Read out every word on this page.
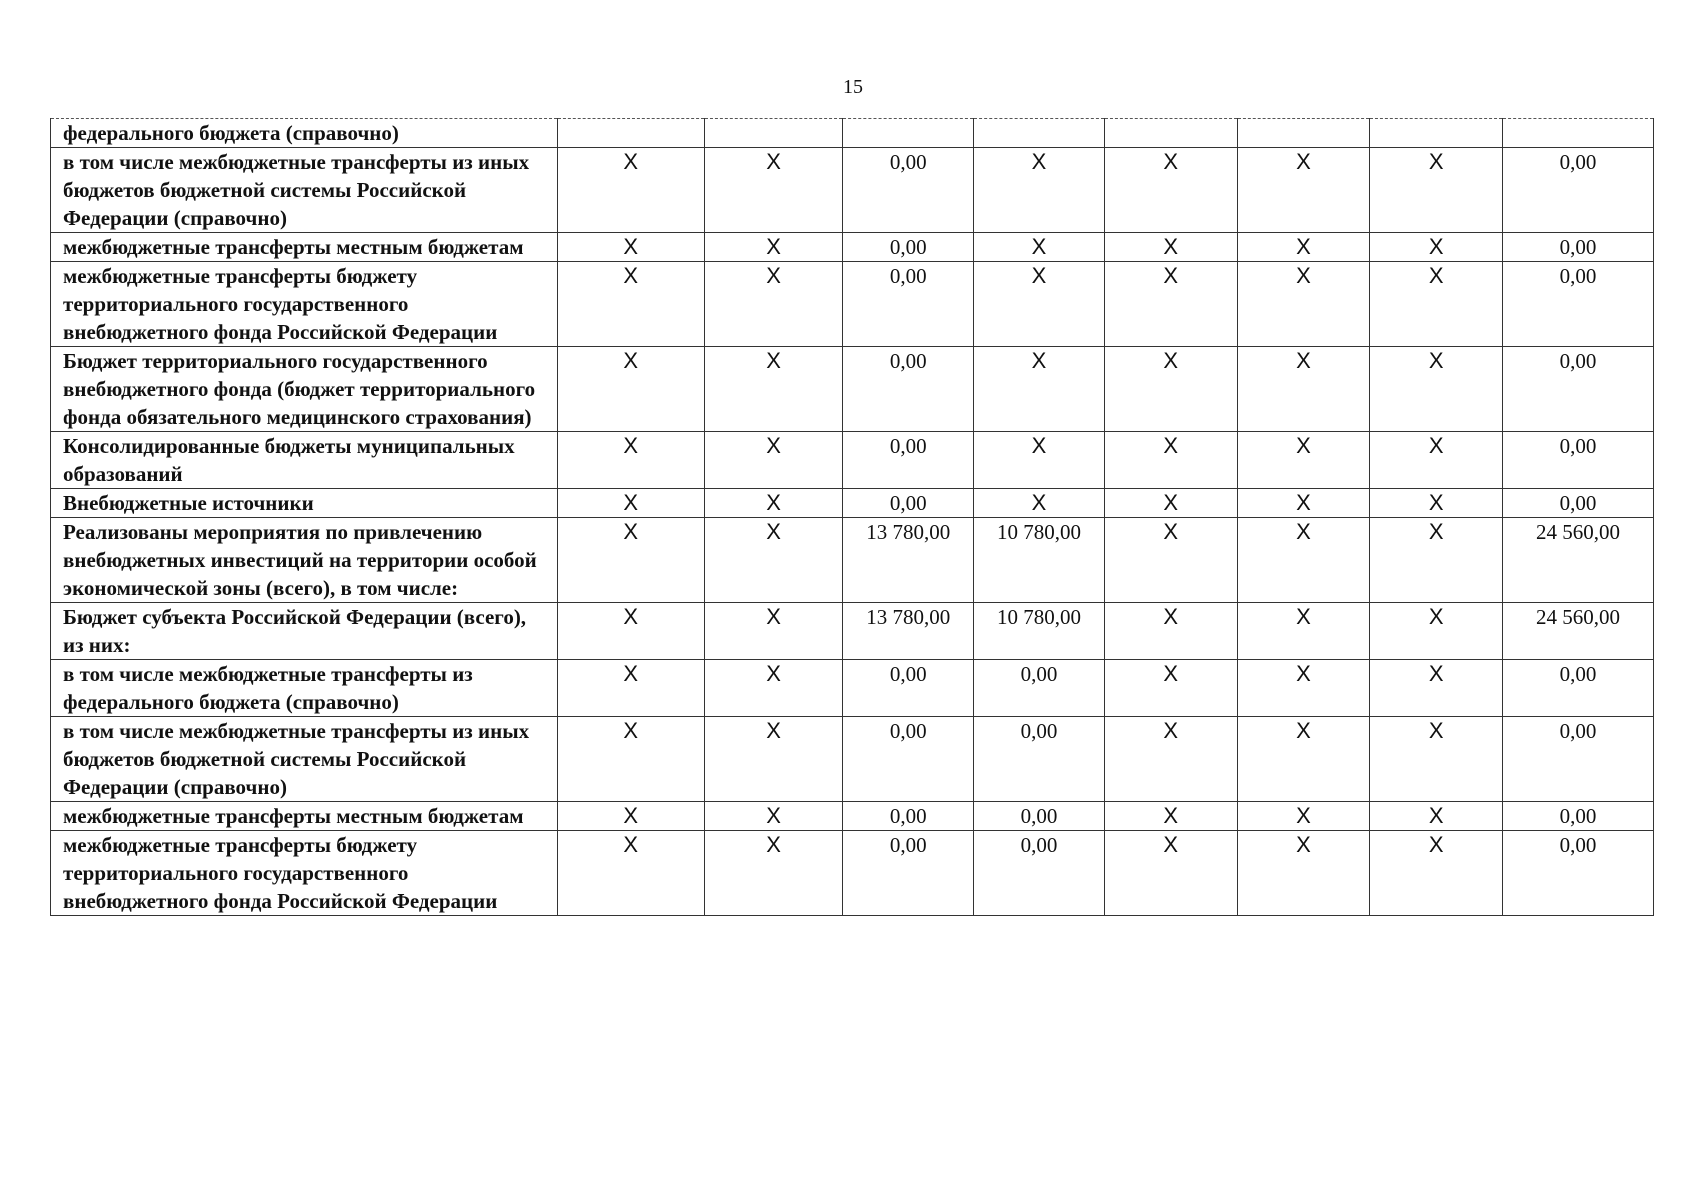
15
федерального бюджета (справочно)								
в том числе межбюджетные трансферты из иных бюджетов бюджетной системы Российской Федерации (справочно)	X	X	0,00	X	X	X	X	0,00
межбюджетные трансферты местным бюджетам	X	X	0,00	X	X	X	X	0,00
межбюджетные трансферты бюджету территориального государственного внебюджетного фонда Российской Федерации	X	X	0,00	X	X	X	X	0,00
Бюджет территориального государственного внебюджетного фонда (бюджет территориального фонда обязательного медицинского страхования)	X	X	0,00	X	X	X	X	0,00
Консолидированные бюджеты муниципальных образований	X	X	0,00	X	X	X	X	0,00
Внебюджетные источники	X	X	0,00	X	X	X	X	0,00
Реализованы мероприятия по привлечению внебюджетных инвестиций на территории особой экономической зоны (всего), в том числе:	X	X	13 780,00	10 780,00	X	X	X	24 560,00
Бюджет субъекта Российской Федерации (всего), из них:	X	X	13 780,00	10 780,00	X	X	X	24 560,00
в том числе межбюджетные трансферты из федерального бюджета (справочно)	X	X	0,00	0,00	X	X	X	0,00
в том числе межбюджетные трансферты из иных бюджетов бюджетной системы Российской Федерации (справочно)	X	X	0,00	0,00	X	X	X	0,00
межбюджетные трансферты местным бюджетам	X	X	0,00	0,00	X	X	X	0,00
межбюджетные трансферты бюджету территориального государственного внебюджетного фонда Российской Федерации	X	X	0,00	0,00	X	X	X	0,00
